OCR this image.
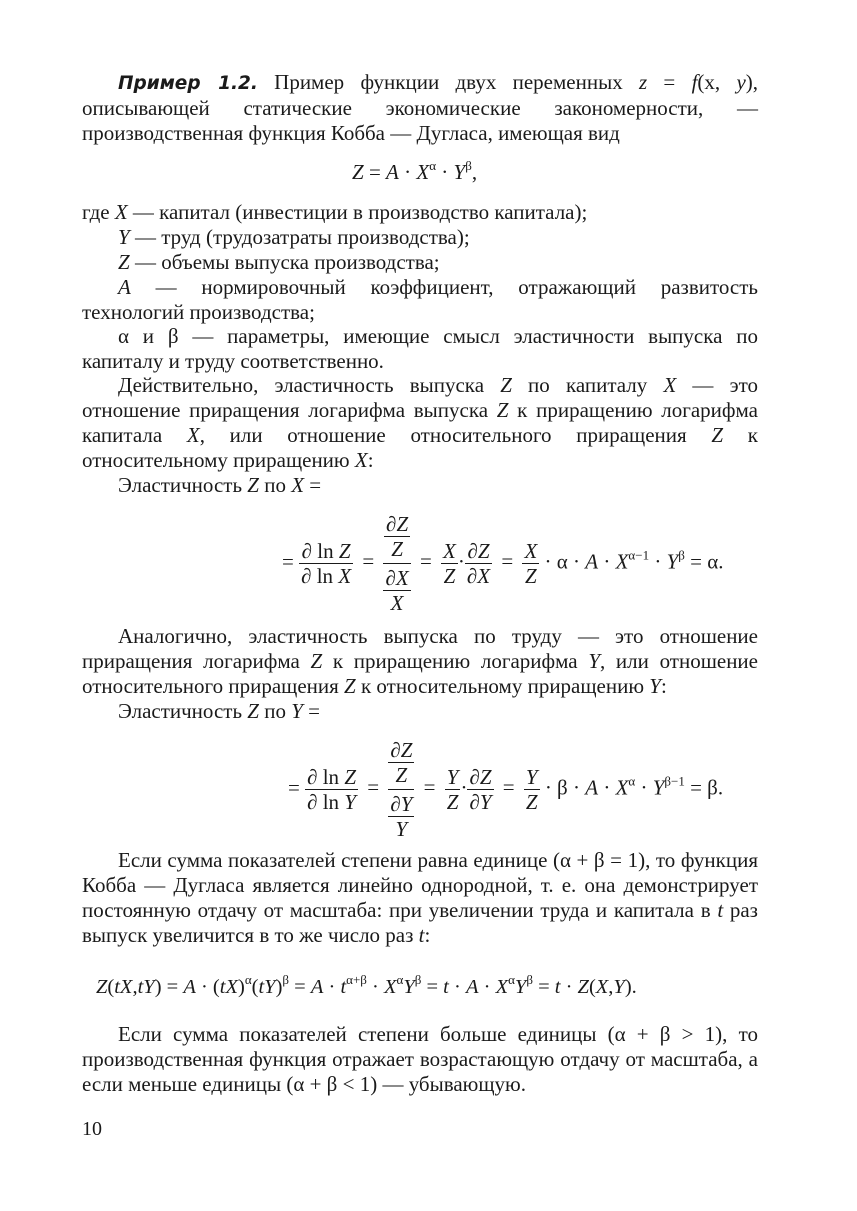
Пример 1.2. Пример функции двух переменных z = f(x, y), описывающей статические экономические закономерности, — производственная функция Кобба — Дугласа, имеющая вид

$Z = A \cdot X^\alpha \cdot Y^\beta$,

где X — капитал (инвестиции в производство капитала);

Y — труд (трудозатраты производства);

Z — объемы выпуска производства;

A — нормировочный коэффициент, отражающий развитость технологий производства;

α и β — параметры, имеющие смысл эластичности выпуска по капиталу и труду соответственно.

Действительно, эластичность выпуска Z по капиталу X — это отношение приращения логарифма выпуска Z к приращению логарифма капитала X, или отношение относительного приращения Z к относительному приращению X:

Эластичность Z по X =

= $\frac{\text{∂ ln Z}}{\text{∂ ln X}} = \frac{\frac{\partial Z}{Z}}{\frac{\partial X}{X}} = \frac{X}{Z} \cdot \frac{\partial Z}{\partial X} = \frac{X}{Z} \cdot \alpha \cdot A \cdot X^{\alpha-1} \cdot Y^\beta = \alpha$.

Аналогично, эластичность выпуска по труду — это отношение приращения логарифма Z к приращению логарифма Y, или отношение относительного приращения Z к относительному приращению Y:

Эластичность Z по Y =

= $\frac{\text{∂ ln Z}}{\text{∂ ln Y}} = \frac{\frac{\partial Z}{Z}}{\frac{\partial Y}{Y}} = \frac{Y}{Z} \cdot \frac{\partial Z}{\partial Y} = \frac{Y}{Z} \cdot \beta \cdot A \cdot X^\alpha \cdot Y^{\beta-1} = \beta$.

Если сумма показателей степени равна единице (α + β = 1), то функция Кобба — Дугласа является линейно однородной, т. е. она демонстрирует постоянную отдачу от масштаба: при увеличении труда и капитала в t раз выпуск увеличится в то же число раз t:

$Z(tX,tY) = A \cdot (tX)^\alpha(tY)^\beta = A \cdot t^{\alpha+\beta} \cdot X^\alpha Y^\beta = t \cdot A \cdot X^\alpha Y^\beta = t \cdot Z(X,Y)$.

Если сумма показателей степени больше единицы (α + β > 1), то производственная функция отражает возрастающую отдачу от масштаба, а если меньше единицы (α + β < 1) — убывающую.

10
